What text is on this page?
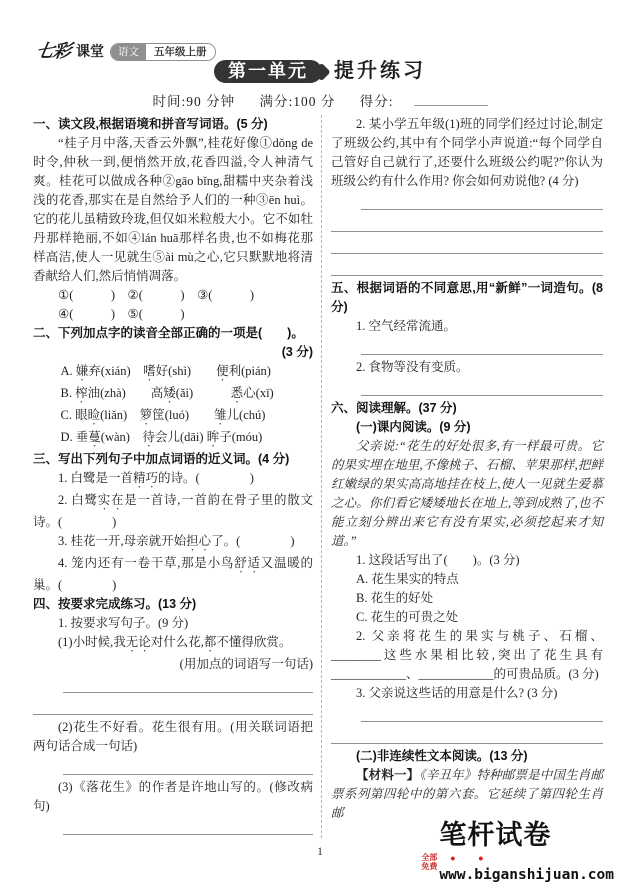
七彩 课堂	语文	五年级上册
第一单元	提升练习
时间:90 分钟 满分:100 分 得分:

一、读文段,根据语境和拼音写词语。(5 分)

“桂子月中落,天香云外飘”,桂花好像①dǒng de时令,仲秋一到,便悄然开放,花香四溢,令人神清气爽。桂花可以做成各种②gāo bǐng,甜糯中夹杂着浅浅的花香,那实在是自然给予人们的一种③ēn huì。它的花儿虽精致玲珑,但仅如米粒般大小。它不如牡丹那样艳丽,不如④lán huā那样名贵,也不如梅花那样高洁,使人一见就生⑤ài mù之心,它只默默地将清香献给人们,然后悄悄凋落。

①(　　　)　②(　　　)　③(　　　)

④(　　　)　⑤(　　　)

二、下列加点字的读音全部正确的一项是(　　)。

(3 分)

A. 嫌弃(xián)　嗜好(shì)　　便利(pián)

B. 榨油(zhà)　　高矮(ǎi)　　　悉心(xī)

C. 眼睑(liǎn)　箩筐(luó)　　雏儿(chú)

D. 垂蔓(wàn)　待会儿(dāi) 眸子(móu)

三、写出下列句子中加点词语的近义词。(4 分)

1. 白鹭是一首精巧的诗。(　　　　)

2. 白鹭实在是一首诗,一首韵在骨子里的散文诗。(　　　　)

3. 桂花一开,母亲就开始担心了。(　　　　)

4. 笼内还有一卷干草,那是小鸟舒适又温暖的巢。(　　　　)

四、按要求完成练习。(13 分)

1. 按要求写句子。(9 分)

(1)小时候,我无论对什么花,都不懂得欣赏。

(用加点的词语写一句话)

(2)花生不好看。花生很有用。(用关联词语把两句话合成一句话)

(3)《落花生》的作者是许地山写的。(修改病句)

2. 某小学五年级(1)班的同学们经过讨论,制定了班级公约,其中有个同学小声说道:“每个同学自己管好自己就行了,还要什么班级公约呢?”你认为班级公约有什么作用? 你会如何劝说他? (4 分)

五、根据词语的不同意思,用“新鲜”一词造句。(8 分)

1. 空气经常流通。

2. 食物等没有变质。

六、阅读理解。(37 分)

(一)课内阅读。(9 分)

父亲说:“花生的好处很多,有一样最可贵。它的果实埋在地里,不像桃子、石榴、苹果那样,把鲜红嫩绿的果实高高地挂在枝上,使人一见就生爱慕之心。你们看它矮矮地长在地上,等到成熟了,也不能立刻分辨出来它有没有果实,必须挖起来才知道。”

1. 这段话写出了(　　)。(3 分)

A. 花生果实的特点

B. 花生的好处

C. 花生的可贵之处

2. 父亲将花生的果实与桃子、石榴、________这些水果相比较,突出了花生具有____________、____________的可贵品质。(3 分)

3. 父亲说这些话的用意是什么? (3 分)

(二)非连续性文本阅读。(13 分)

【材料一】《辛丑年》特种邮票是中国生肖邮票系列第四轮中的第六套。它延续了第四轮生肖邮

1	全部
免费
笔杆试卷
www.biganshijuan.com
